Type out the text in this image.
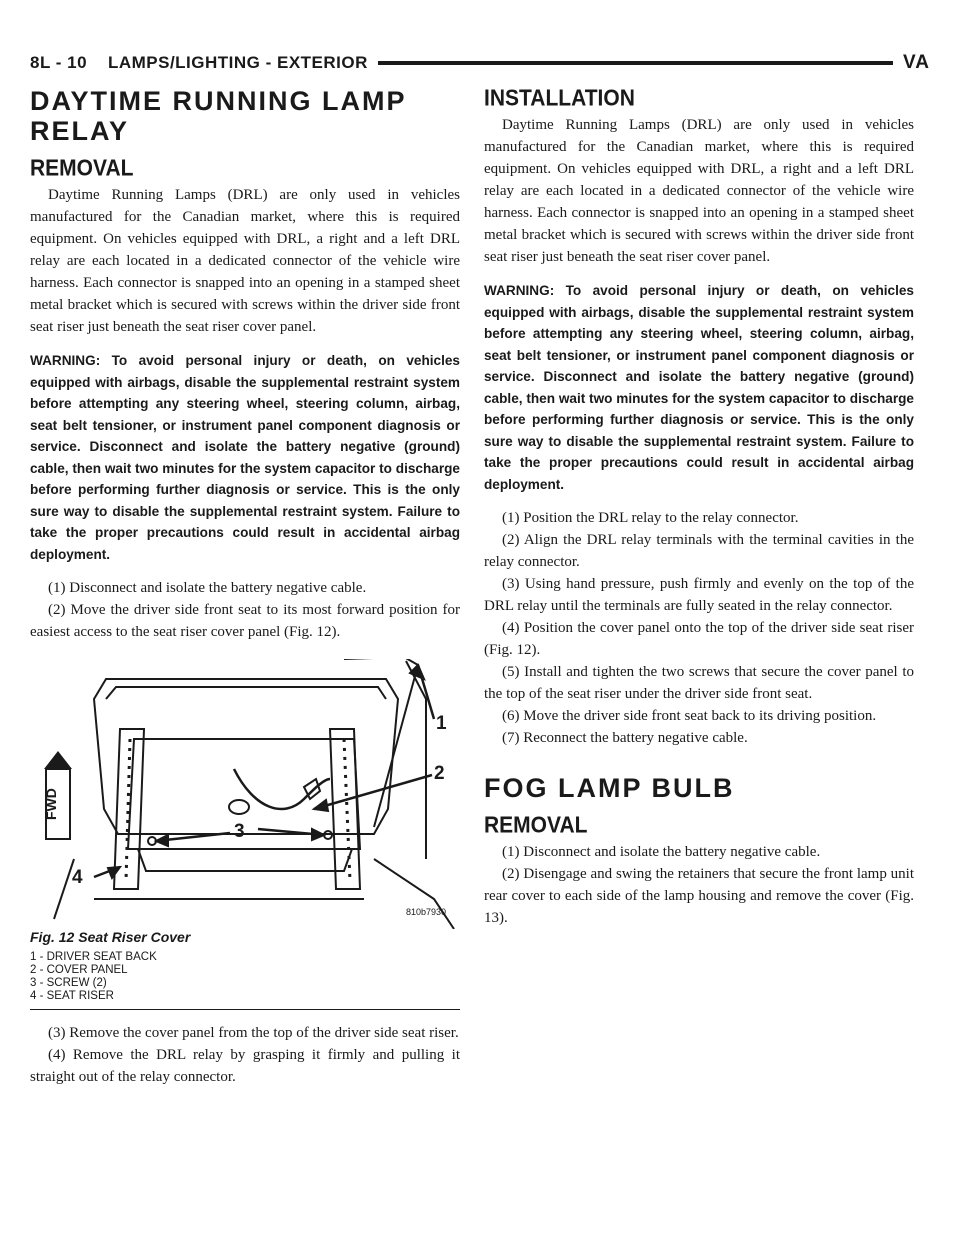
8L - 10    LAMPS/LIGHTING - EXTERIOR	VA
DAYTIME RUNNING LAMP RELAY
REMOVAL

Daytime Running Lamps (DRL) are only used in vehicles manufactured for the Canadian market, where this is required equipment. On vehicles equipped with DRL, a right and a left DRL relay are each located in a dedicated connector of the vehicle wire harness. Each connector is snapped into an opening in a stamped sheet metal bracket which is secured with screws within the driver side front seat riser just beneath the seat riser cover panel.

WARNING: To avoid personal injury or death, on vehicles equipped with airbags, disable the supplemental restraint system before attempting any steering wheel, steering column, airbag, seat belt tensioner, or instrument panel component diagnosis or service. Disconnect and isolate the battery negative (ground) cable, then wait two minutes for the system capacitor to discharge before performing further diagnosis or service. This is the only sure way to disable the supplemental restraint system. Failure to take the proper precautions could result in accidental airbag deployment.

(1) Disconnect and isolate the battery negative cable.

(2) Move the driver side front seat to its most forward position for easiest access to the seat riser cover panel (Fig. 12).

1
2
3
4
FWD
810b7930
Fig. 12 Seat Riser Cover
1 - DRIVER SEAT BACK
2 - COVER PANEL
3 - SCREW (2)
4 - SEAT RISER

(3) Remove the cover panel from the top of the driver side seat riser.

(4) Remove the DRL relay by grasping it firmly and pulling it straight out of the relay connector.

INSTALLATION

Daytime Running Lamps (DRL) are only used in vehicles manufactured for the Canadian market, where this is required equipment. On vehicles equipped with DRL, a right and a left DRL relay are each located in a dedicated connector of the vehicle wire harness. Each connector is snapped into an opening in a stamped sheet metal bracket which is secured with screws within the driver side front seat riser just beneath the seat riser cover panel.

WARNING: To avoid personal injury or death, on vehicles equipped with airbags, disable the supplemental restraint system before attempting any steering wheel, steering column, airbag, seat belt tensioner, or instrument panel component diagnosis or service. Disconnect and isolate the battery negative (ground) cable, then wait two minutes for the system capacitor to discharge before performing further diagnosis or service. This is the only sure way to disable the supplemental restraint system. Failure to take the proper precautions could result in accidental airbag deployment.

(1) Position the DRL relay to the relay connector.

(2) Align the DRL relay terminals with the terminal cavities in the relay connector.

(3) Using hand pressure, push firmly and evenly on the top of the DRL relay until the terminals are fully seated in the relay connector.

(4) Position the cover panel onto the top of the driver side seat riser (Fig. 12).

(5) Install and tighten the two screws that secure the cover panel to the top of the seat riser under the driver side front seat.

(6) Move the driver side front seat back to its driving position.

(7) Reconnect the battery negative cable.

FOG LAMP BULB
REMOVAL

(1) Disconnect and isolate the battery negative cable.

(2) Disengage and swing the retainers that secure the front lamp unit rear cover to each side of the lamp housing and remove the cover (Fig. 13).
